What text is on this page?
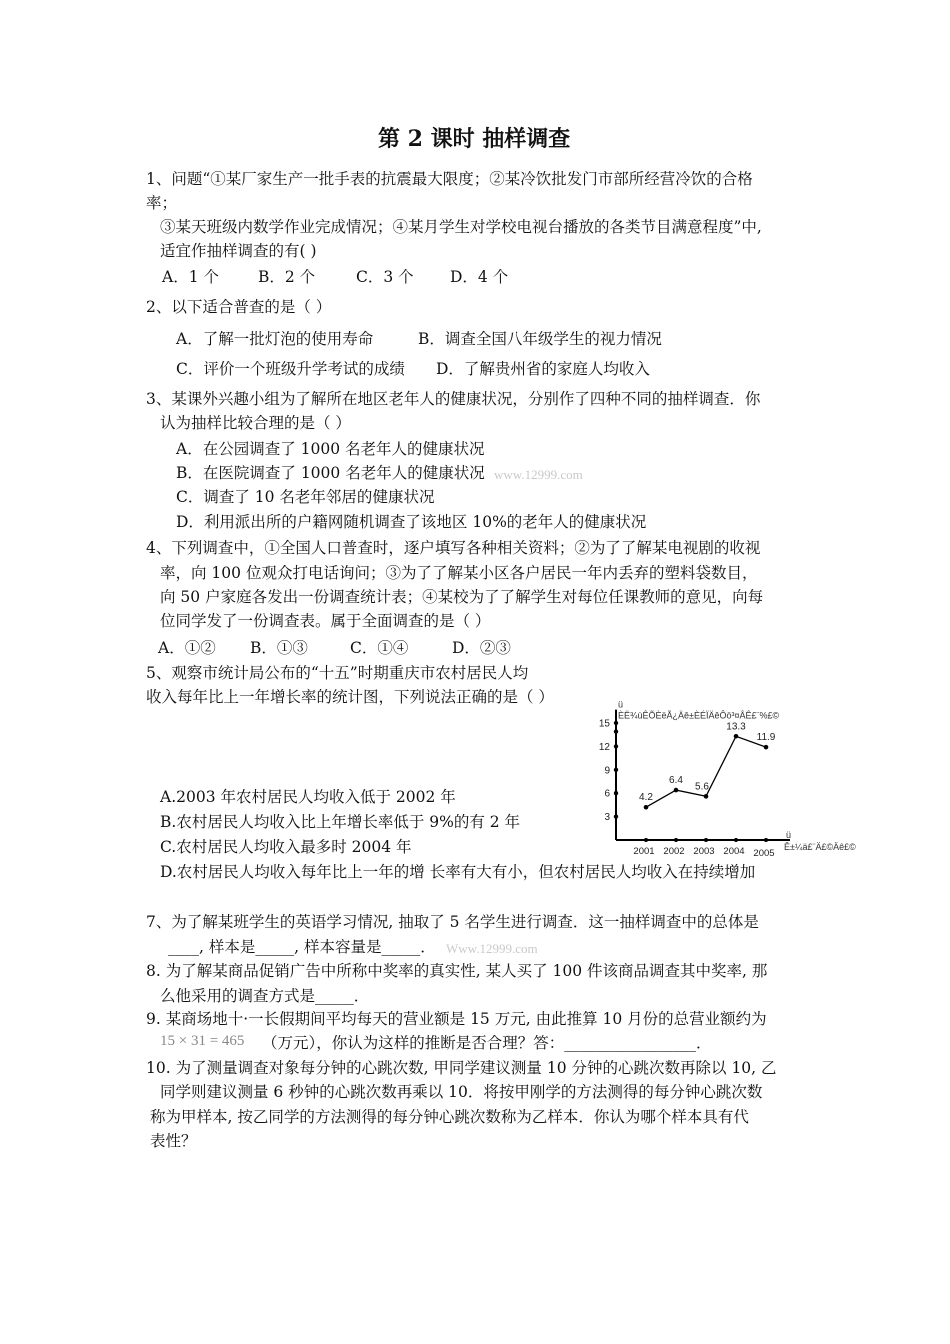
第 2 课时 抽样调查
1、问题“①某厂家生产一批手表的抗震最大限度；②某冷饮批发门市部所经营冷饮的合格
率；
③某天班级内数学作业完成情况；④某月学生对学校电视台播放的各类节目满意程度”中,
适宜作抽样调查的有( )
A．1 个	B．2 个	C．3 个 D．4 个
2、以下适合普查的是（ ）
A．了解一批灯泡的使用寿命	B．调查全国八年级学生的视力情况
C．评价一个班级升学考试的成绩 D．了解贵州省的家庭人均收入
3、某课外兴趣小组为了解所在地区老年人的健康状况，分别作了四种不同的抽样调查．你
认为抽样比较合理的是（ ）
A．在公园调查了 1000 名老年人的健康状况
B．在医院调查了 1000 名老年人的健康状况 www.12999.com
C．调查了 10 名老年邻居的健康状况
D．利用派出所的户籍网随机调查了该地区 10%的老年人的健康状况
4、下列调查中，①全国人口普查时，逐户填写各种相关资料；②为了了解某电视剧的收视
率，向 100 位观众打电话询问；③为了了解某小区各户居民一年内丢弃的塑料袋数目，
向 50 户家庭各发出一份调查统计表；④某校为了了解学生对每位任课教师的意见，向每
位同学发了一份调查表。属于全面调查的是（ ）
A．①② B．①③	C．①④	D．②③
5、观察市统计局公布的“十五”时期重庆市农村居民人均
收入每年比上一年增长率的统计图，下列说法正确的是（ ）
A.2003 年农村居民人均收入低于 2002 年
B.农村居民人均收入比上年增长率低于 9%的有 2 年
C.农村居民人均收入最多时 2004 年
D.农村居民人均收入每年比上一年的增 长率有大有小，但农村居民人均收入在持续增加
ü
ÈË¾ùÊÕÈëÃ¿Äê±ÈÉÏÄêÔö³¤ÂÊ£¨%£©
ü
Ê±¼ä£¨Ä£©Äê£©
3
6
9
12
15
2001 2002 2003 2004 2005
4.2
6.4
5.6
13.3
11.9
7、为了解某班学生的英语学习情况, 抽取了 5 名学生进行调查．这一抽样调查中的总体是
____, 样本是_____, 样本容量是_____． Www.12999.com
8. 为了解某商品促销广告中所称中奖率的真实性, 某人买了 100 件该商品调查其中奖率, 那
么他采用的调查方式是_____．
9. 某商场地十·一长假期间平均每天的营业额是 15 万元, 由此推算 10 月份的总营业额约为
15 × 31 = 465 （万元），你认为这样的推断是否合理？答：_________________．
10. 为了测量调查对象每分钟的心跳次数, 甲同学建议测量 10 分钟的心跳次数再除以 10, 乙
同学则建议测量 6 秒钟的心跳次数再乘以 10．将按甲刚学的方法测得的每分钟心跳次数
称为甲样本, 按乙同学的方法测得的每分钟心跳次数称为乙样本．你认为哪个样本具有代
表性？
